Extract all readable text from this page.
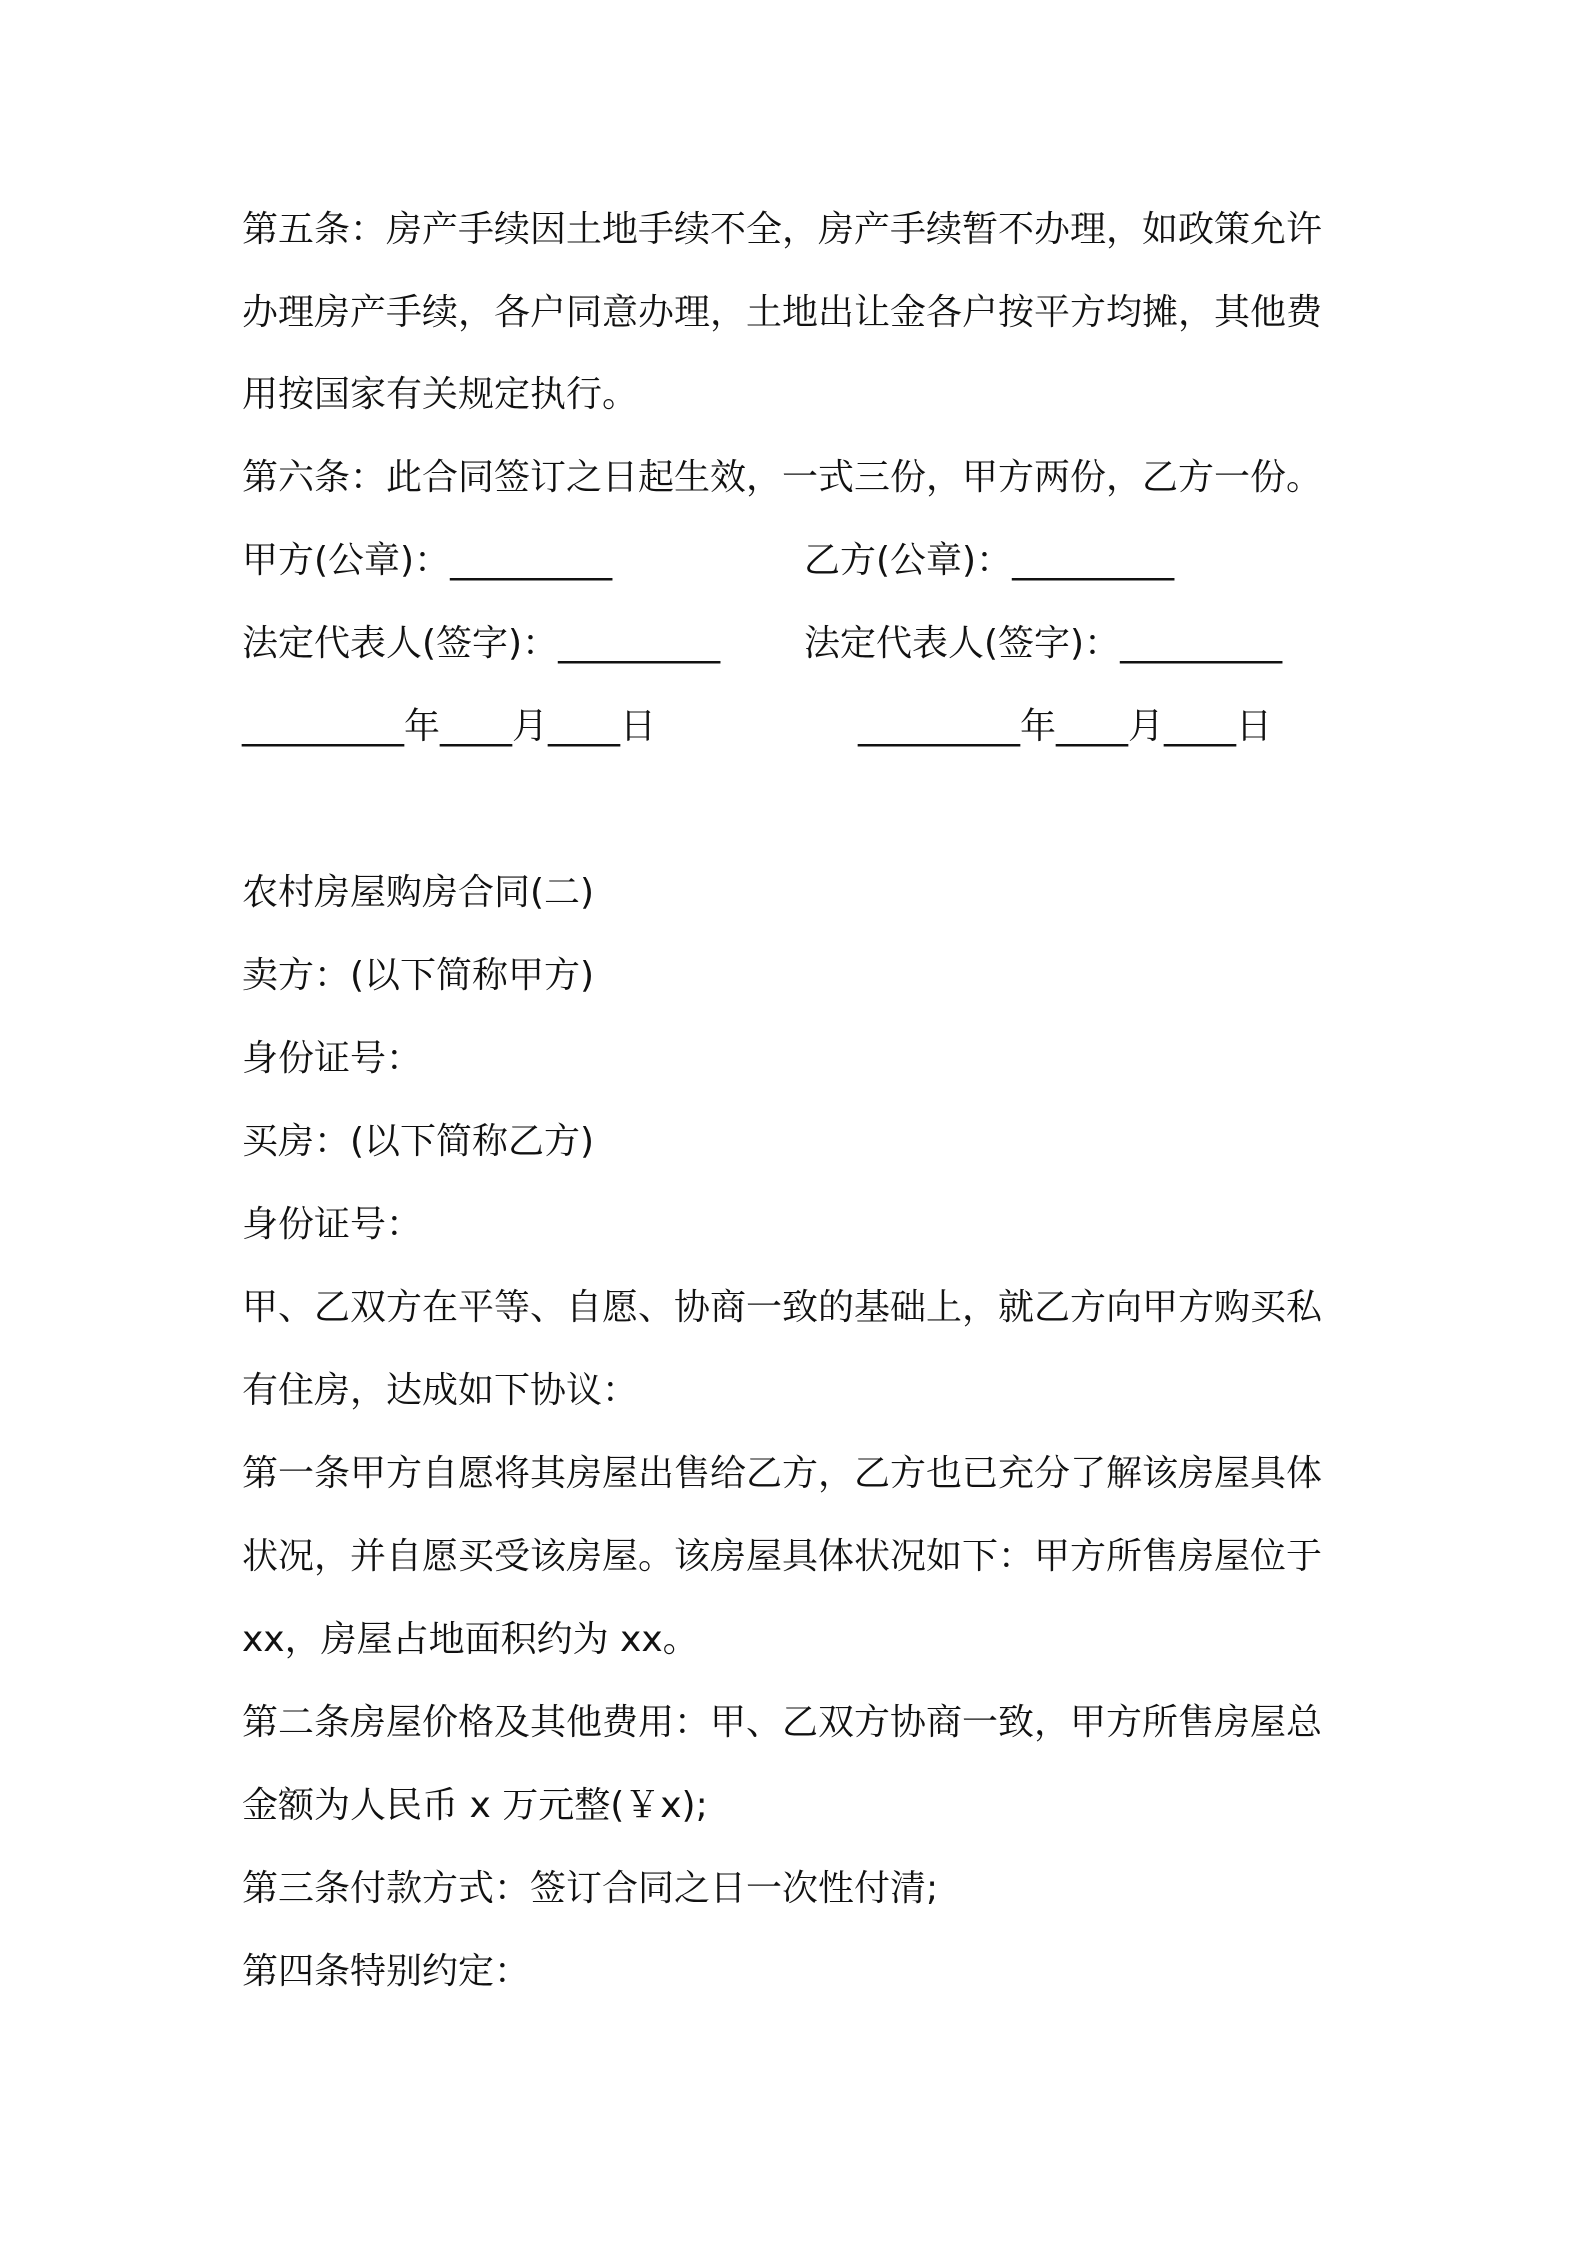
第五条：房产手续因土地手续不全，房产手续暂不办理，如政策允许
办理房产手续，各户同意办理，土地出让金各户按平方均摊，其他费
用按国家有关规定执行。
第六条：此合同签订之日起生效，一式三份，甲方两份，乙方一份。
甲方(公章)：_________	乙方(公章)：_________
法定代表人(签字)：_________ 法定代表人(签字)：_________
_________年____月____日	_________年____月____日
农村房屋购房合同(二)
卖方：(以下简称甲方)
身份证号：
买房：(以下简称乙方)
身份证号：
甲、乙双方在平等、自愿、协商一致的基础上，就乙方向甲方购买私
有住房，达成如下协议：
第一条甲方自愿将其房屋出售给乙方，乙方也已充分了解该房屋具体
状况，并自愿买受该房屋。该房屋具体状况如下：甲方所售房屋位于
xx，房屋占地面积约为 xx。
第二条房屋价格及其他费用：甲、乙双方协商一致，甲方所售房屋总
金额为人民币 x 万元整(￥x);
第三条付款方式：签订合同之日一次性付清;
第四条特别约定：
